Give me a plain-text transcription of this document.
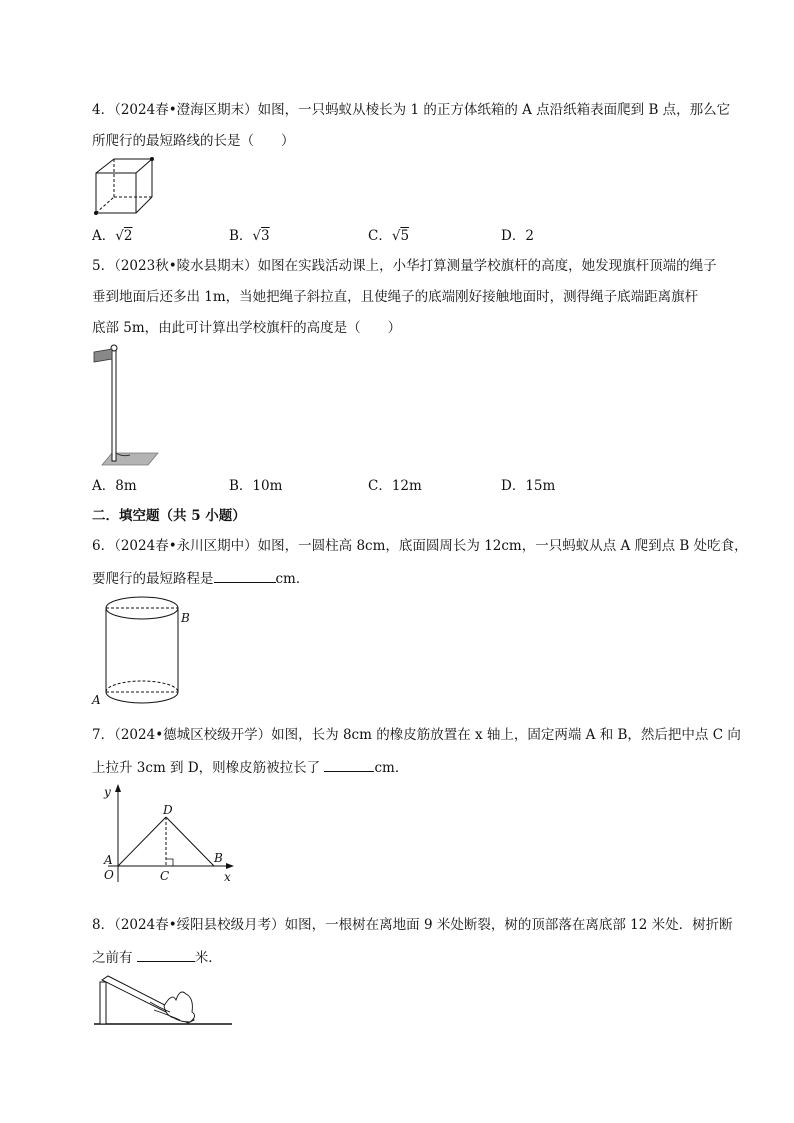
4．（2024春•澄海区期末）如图，一只蚂蚁从棱长为 1 的正方体纸箱的 A 点沿纸箱表面爬到 B 点，那么它
所爬行的最短路线的长是（　　）
A．√2	B．√3	C．√5	D．2
5．（2023秋•陵水县期末）如图在实践活动课上，小华打算测量学校旗杆的高度，她发现旗杆顶端的绳子
垂到地面后还多出 1m，当她把绳子斜拉直，且使绳子的底端刚好接触地面时，测得绳子底端距离旗杆
底部 5m，由此可计算出学校旗杆的高度是（　　）
A．8m	B．10m	C．12m	D．15m
二．填空题（共 5 小题）
6．（2024春•永川区期中）如图，一圆柱高 8cm，底面圆周长为 12cm，一只蚂蚁从点 A 爬到点 B 处吃食，
要爬行的最短路程是	cm．
B
A
7．（2024•德城区校级开学）如图，长为 8cm 的橡皮筋放置在 x 轴上，固定两端 A 和 B，然后把中点 C 向
上拉升 3cm 到 D，则橡皮筋被拉长了	cm．
y
x
O
A	B
C
D
8．（2024春•绥阳县校级月考）如图，一根树在离地面 9 米处断裂，树的顶部落在离底部 12 米处．树折断
之前有	米．
